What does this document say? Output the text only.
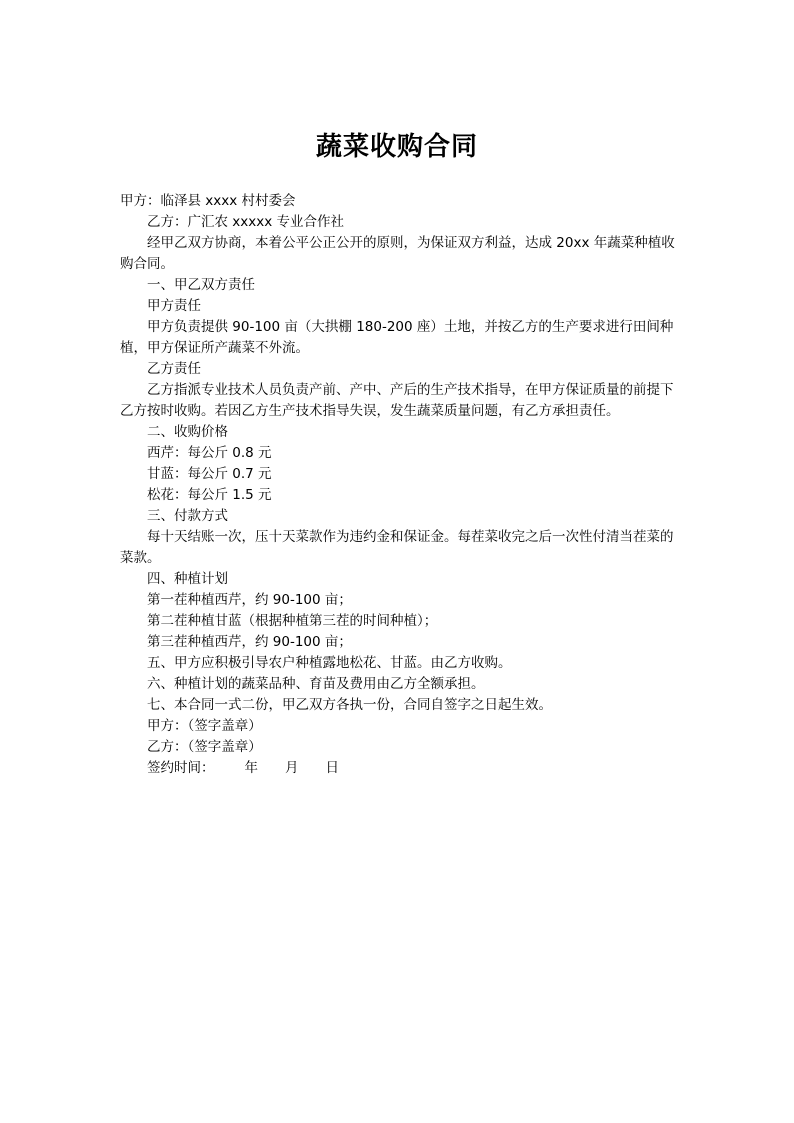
蔬菜收购合同

甲方：临泽县 xxxx 村村委会

乙方：广汇农 xxxxx 专业合作社

经甲乙双方协商，本着公平公正公开的原则，为保证双方利益，达成 20xx 年蔬菜种植收购合同。

一、甲乙双方责任

甲方责任

甲方负责提供 90-100 亩（大拱棚 180-200 座）土地，并按乙方的生产要求进行田间种植，甲方保证所产蔬菜不外流。

乙方责任

乙方指派专业技术人员负责产前、产中、产后的生产技术指导，在甲方保证质量的前提下乙方按时收购。若因乙方生产技术指导失误，发生蔬菜质量问题，有乙方承担责任。

二、收购价格

西芹：每公斤 0.8 元

甘蓝：每公斤 0.7 元

松花：每公斤 1.5 元

三、付款方式

每十天结账一次，压十天菜款作为违约金和保证金。每茬菜收完之后一次性付清当茬菜的菜款。

四、种植计划

第一茬种植西芹，约 90-100 亩；

第二茬种植甘蓝（根据种植第三茬的时间种植）；

第三茬种植西芹，约 90-100 亩；

五、甲方应积极引导农户种植露地松花、甘蓝。由乙方收购。

六、种植计划的蔬菜品种、育苗及费用由乙方全额承担。

七、本合同一式二份，甲乙双方各执一份，合同自签字之日起生效。

甲方：（签字盖章）

乙方：（签字盖章）

签约时间： 年 月 日
